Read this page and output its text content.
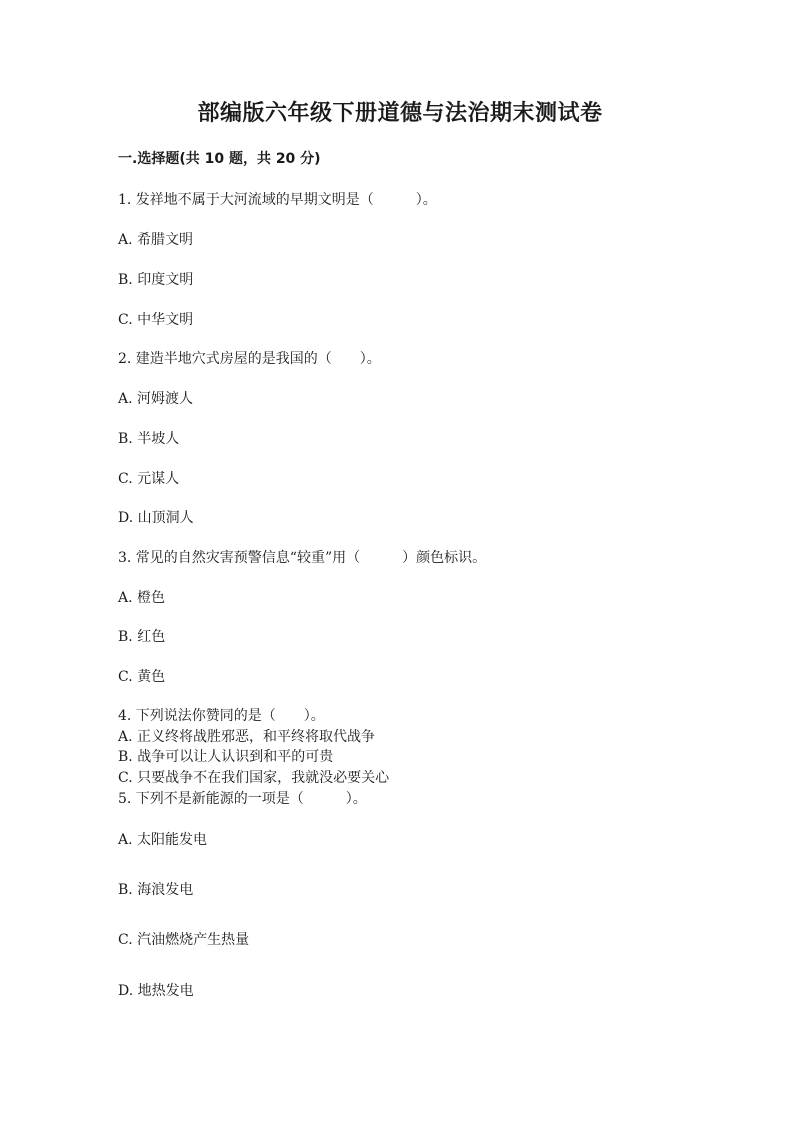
部编版六年级下册道德与法治期末测试卷
一.选择题(共 10 题，共 20 分)
1. 发祥地不属于大河流域的早期文明是（　　　）。
A. 希腊文明
B. 印度文明
C. 中华文明
2. 建造半地穴式房屋的是我国的（　　）。
A. 河姆渡人
B. 半坡人
C. 元谋人
D. 山顶洞人
3. 常见的自然灾害预警信息“较重”用（　　　）颜色标识。
A. 橙色
B. 红色
C. 黄色
4. 下列说法你赞同的是（　　）。
A. 正义终将战胜邪恶，和平终将取代战争
B. 战争可以让人认识到和平的可贵
C. 只要战争不在我们国家，我就没必要关心
5. 下列不是新能源的一项是（　　　）。
A. 太阳能发电
B. 海浪发电
C. 汽油燃烧产生热量
D. 地热发电
